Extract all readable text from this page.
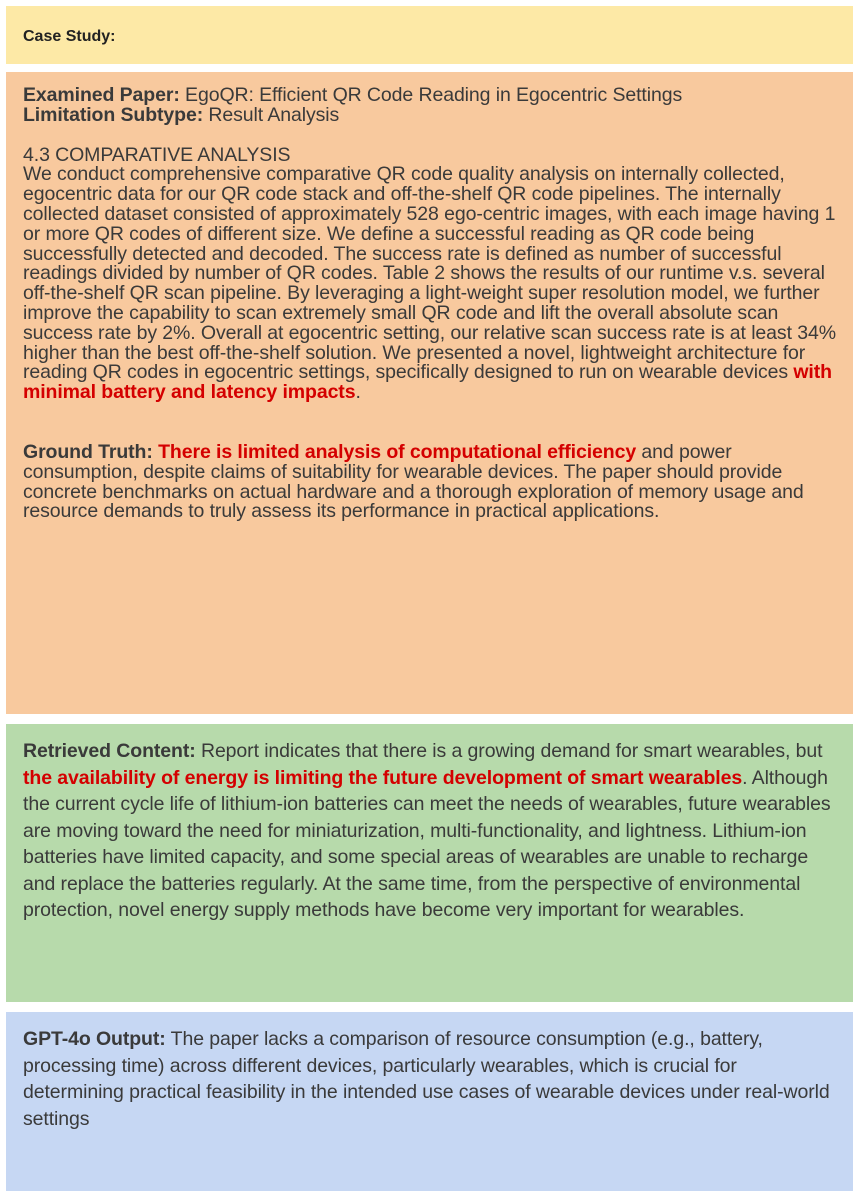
Case Study:
Examined Paper: EgoQR: Efficient QR Code Reading in Egocentric Settings
Limitation Subtype: Result Analysis
4.3 COMPARATIVE ANALYSIS
We conduct comprehensive comparative QR code quality analysis on internally collected, egocentric data for our QR code stack and off-the-shelf QR code pipelines. The internally collected dataset consisted of approximately 528 ego-centric images, with each image having 1 or more QR codes of different size. We define a successful reading as QR code being successfully detected and decoded. The success rate is defined as number of successful readings divided by number of QR codes. Table 2 shows the results of our runtime v.s. several off-the-shelf QR scan pipeline. By leveraging a light-weight super resolution model, we further improve the capability to scan extremely small QR code and lift the overall absolute scan success rate by 2%. Overall at egocentric setting, our relative scan success rate is at least 34% higher than the best off-the-shelf solution. We presented a novel, lightweight architecture for reading QR codes in egocentric settings, specifically designed to run on wearable devices with minimal battery and latency impacts.
Ground Truth: There is limited analysis of computational efficiency and power consumption, despite claims of suitability for wearable devices. The paper should provide concrete benchmarks on actual hardware and a thorough exploration of memory usage and resource demands to truly assess its performance in practical applications.
Retrieved Content: Report indicates that there is a growing demand for smart wearables, but the availability of energy is limiting the future development of smart wearables. Although the current cycle life of lithium-ion batteries can meet the needs of wearables, future wearables are moving toward the need for miniaturization, multi-functionality, and lightness. Lithium-ion batteries have limited capacity, and some special areas of wearables are unable to recharge and replace the batteries regularly. At the same time, from the perspective of environmental protection, novel energy supply methods have become very important for wearables.
GPT-4o Output: The paper lacks a comparison of resource consumption (e.g., battery, processing time) across different devices, particularly wearables, which is crucial for determining practical feasibility in the intended use cases of wearable devices under real-world settings
